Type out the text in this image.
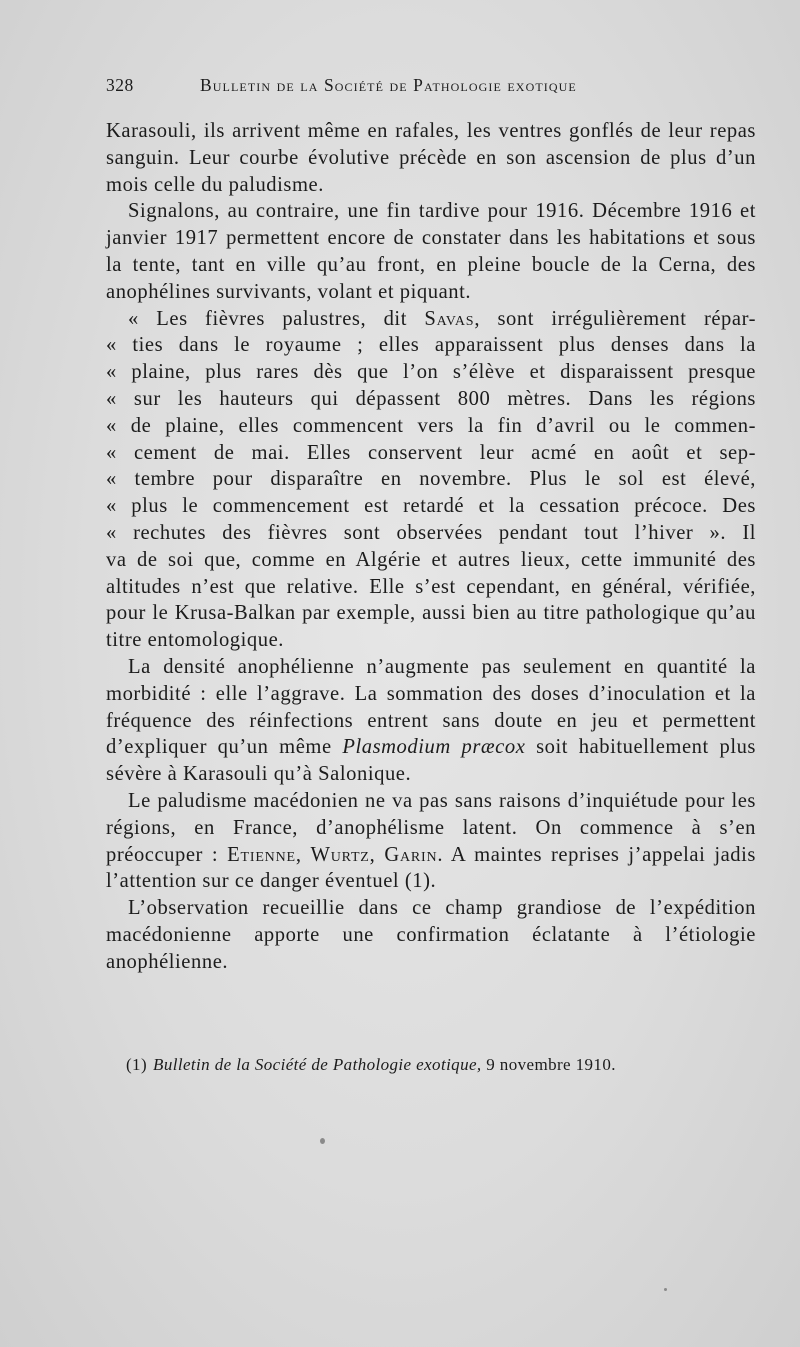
328	Bulletin de la Société de Pathologie exotique

Karasouli, ils arrivent même en rafales, les ventres gonflés de leur repas sanguin. Leur courbe évolutive précède en son ascension de plus d’un mois celle du paludisme.

Signalons, au contraire, une fin tardive pour 1916. Décembre 1916 et janvier 1917 permettent encore de constater dans les habitations et sous la tente, tant en ville qu’au front, en pleine boucle de la Cerna, des anophélines survivants, volant et piquant.

« Les fièvres palustres, dit Savas, sont irrégulièrement répar-
« ties dans le royaume ; elles apparaissent plus denses dans la
« plaine, plus rares dès que l’on s’élève et disparaissent presque
« sur les hauteurs qui dépassent 800 mètres. Dans les régions
« de plaine, elles commencent vers la fin d’avril ou le commen-
« cement de mai. Elles conservent leur acmé en août et sep-
« tembre pour disparaître en novembre. Plus le sol est élevé,
« plus le commencement est retardé et la cessation précoce. Des
« rechutes des fièvres sont observées pendant tout l’hiver ». Il
va de soi que, comme en Algérie et autres lieux, cette immunité des altitudes n’est que relative. Elle s’est cependant, en général, vérifiée, pour le Krusa-Balkan par exemple, aussi bien au titre pathologique qu’au titre entomologique.

La densité anophélienne n’augmente pas seulement en quantité la morbidité : elle l’aggrave. La sommation des doses d’inoculation et la fréquence des réinfections entrent sans doute en jeu et permettent d’expliquer qu’un même Plasmodium præcox soit habituellement plus sévère à Karasouli qu’à Salonique.

Le paludisme macédonien ne va pas sans raisons d’inquiétude pour les régions, en France, d’anophélisme latent. On commence à s’en préoccuper : Etienne, Wurtz, Garin. A maintes reprises j’appelai jadis l’attention sur ce danger éventuel (1).

L’observation recueillie dans ce champ grandiose de l’expédition macédonienne apporte une confirmation éclatante à l’étiologie anophélienne.

(1) Bulletin de la Société de Pathologie exotique, 9 novembre 1910.
